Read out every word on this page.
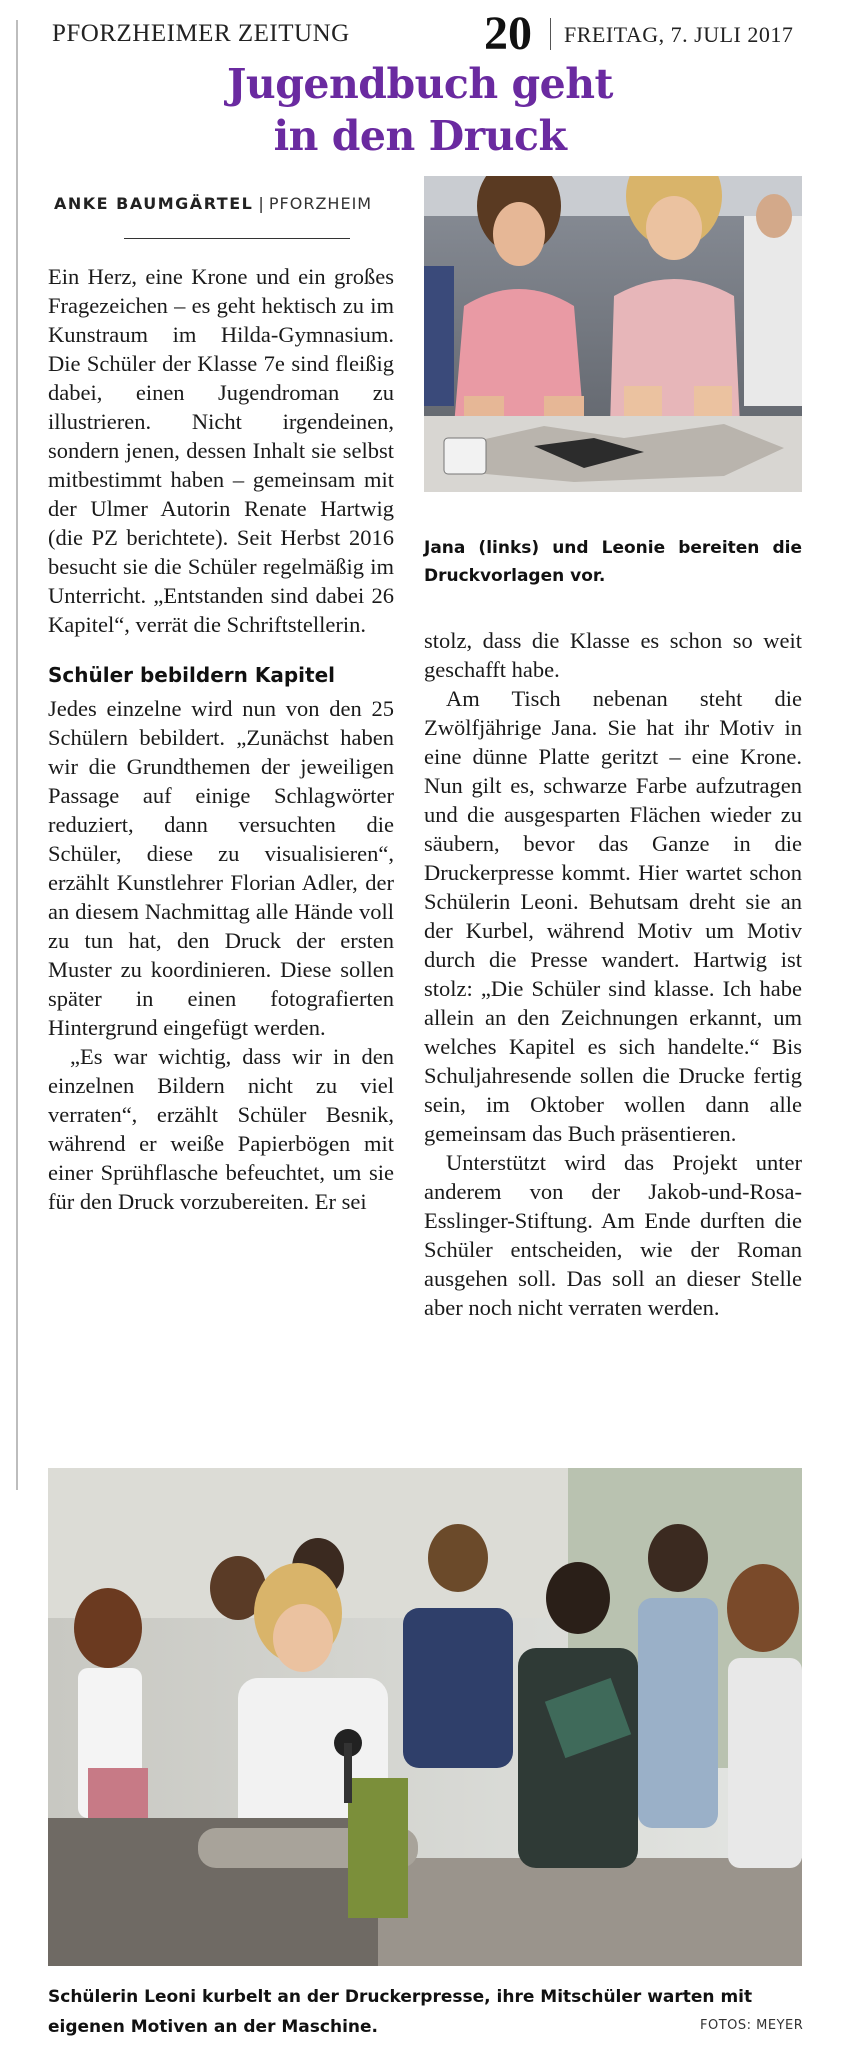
PFORZHEIMER ZEITUNG	20 FREITAG, 7. JULI 2017
Jugendbuch geht
in den Druck
ANKE BAUMGÄRTEL | PFORZHEIM

Ein Herz, eine Krone und ein großes Fragezeichen – es geht hektisch zu im Kunstraum im Hilda-Gymnasium. Die Schüler der Klasse 7e sind fleißig dabei, einen Jugendroman zu illustrieren. Nicht irgendeinen, sondern jenen, dessen Inhalt sie selbst mitbestimmt haben – gemeinsam mit der Ulmer Autorin Renate Hartwig (die PZ berichtete). Seit Herbst 2016 besucht sie die Schüler regelmäßig im Unterricht. „Entstanden sind dabei 26 Kapitel“, verrät die Schriftstellerin.

Schüler bebildern Kapitel

Jedes einzelne wird nun von den 25 Schülern bebildert. „Zunächst haben wir die Grundthemen der jeweiligen Passage auf einige Schlagwörter reduziert, dann versuchten die Schüler, diese zu visualisieren“, erzählt Kunstlehrer Florian Adler, der an diesem Nachmittag alle Hände voll zu tun hat, den Druck der ersten Muster zu koordinieren. Diese sollen später in einen fotografierten Hintergrund eingefügt werden.

„Es war wichtig, dass wir in den einzelnen Bildern nicht zu viel verraten“, erzählt Schüler Besnik, während er weiße Papierbögen mit einer Sprühflasche befeuchtet, um sie für den Druck vorzubereiten. Er sei

Jana (links) und Leonie bereiten die Druckvorlagen vor.

stolz, dass die Klasse es schon so weit geschafft habe.

Am Tisch nebenan steht die Zwölfjährige Jana. Sie hat ihr Motiv in eine dünne Platte geritzt – eine Krone. Nun gilt es, schwarze Farbe aufzutragen und die ausgesparten Flächen wieder zu säubern, bevor das Ganze in die Druckerpresse kommt. Hier wartet schon Schülerin Leoni. Behutsam dreht sie an der Kurbel, während Motiv um Motiv durch die Presse wandert. Hartwig ist stolz: „Die Schüler sind klasse. Ich habe allein an den Zeichnungen erkannt, um welches Kapitel es sich handelte.“ Bis Schuljahresende sollen die Drucke fertig sein, im Oktober wollen dann alle gemeinsam das Buch präsentieren.

Unterstützt wird das Projekt unter anderem von der Jakob-und-Rosa-Esslinger-Stiftung. Am Ende durften die Schüler entscheiden, wie der Roman ausgehen soll. Das soll an dieser Stelle aber noch nicht verraten werden.

Schülerin Leoni kurbelt an der Druckerpresse, ihre Mitschüler warten mit eigenen Motiven an der Maschine.	FOTOS: MEYER
